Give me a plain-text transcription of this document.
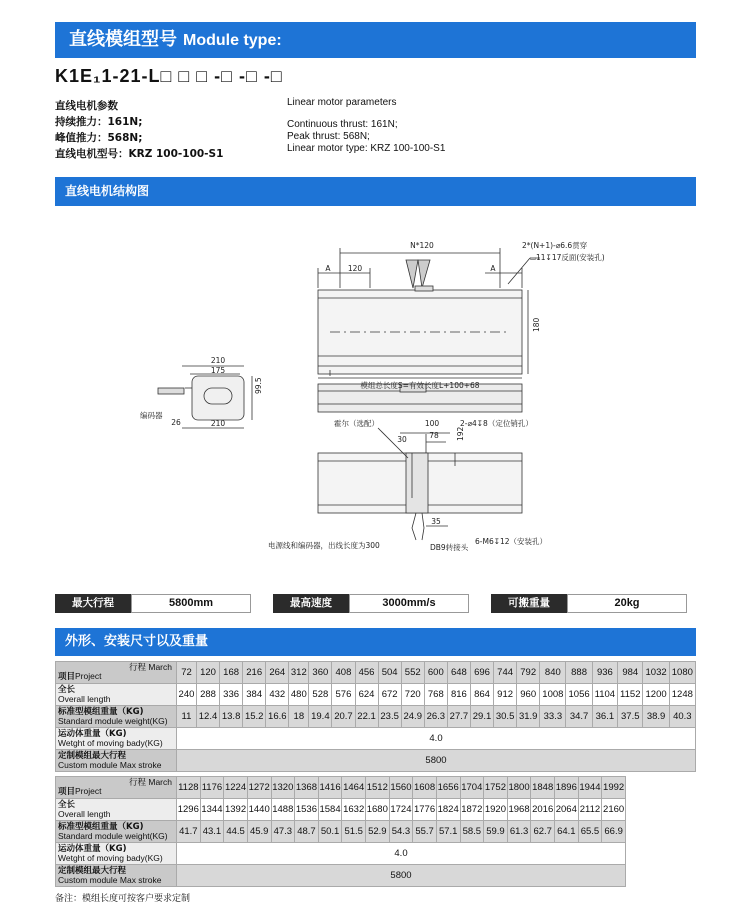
直线模组型号 Module type:
K1E₁1-21-L□ □ □ -□ -□ -□
直线电机参数
持续推力：161N;
峰值推力：568N;
直线电机型号：KRZ 100-100-S1
Linear motor parameters
Continuous thrust: 161N;
Peak thrust: 568N;
Linear motor type: KRZ 100-100-S1
直线电机结构图
N*120
A	A
120
180
模组总长度S=有效长度L+100+68
2*(N+1)-⌀6.6贯穿
⌴11↧17反面(安装孔)
210
175
99.5
26	210
编码器
霍尔（选配）
30
100
78 192
2-⌀4↧8（定位销孔）
35
6-M6↧12（安装孔）
电源线和编码器，出线长度为300	DB9转接头
最大行程	5800mm	最高速度	3000mm/s	可搬重量	20kg
外形、安装尺寸以及重量
行程 March
项目Project	72	120	168	216	264	312	360	408	456	504	552	600	648	696	744	792	840	888	936	984	1032	1080
全长
Overall length	240	288	336	384	432	480	528	576	624	672	720	768	816	864	912	960	1008	1056	1104	1152	1200	1248
标准型模组重量（KG)
Standard module weight(KG)	11	12.4	13.8	15.2	16.6	18	19.4	20.7	22.1	23.5	24.9	26.3	27.7	29.1	30.5	31.9	33.3	34.7	36.1	37.5	38.9	40.3
运动体重量（KG)
Wetght of moving bady(KG)	4.0																					
定制模组最大行程
Custom module Max stroke	5800																					
行程 March
项目Project	1128	1176	1224	1272	1320	1368	1416	1464	1512	1560	1608	1656	1704	1752	1800	1848	1896	1944	1992
全长
Overall length	1296	1344	1392	1440	1488	1536	1584	1632	1680	1724	1776	1824	1872	1920	1968	2016	2064	2112	2160
标准型模组重量（KG)
Standard module weight(KG)	41.7	43.1	44.5	45.9	47.3	48.7	50.1	51.5	52.9	54.3	55.7	57.1	58.5	59.9	61.3	62.7	64.1	65.5	66.9
运动体重量（KG)
Wetght of moving bady(KG)	4.0																		
定制模组最大行程
Custom module Max stroke	5800																		
备注：模组长度可按客户要求定制
